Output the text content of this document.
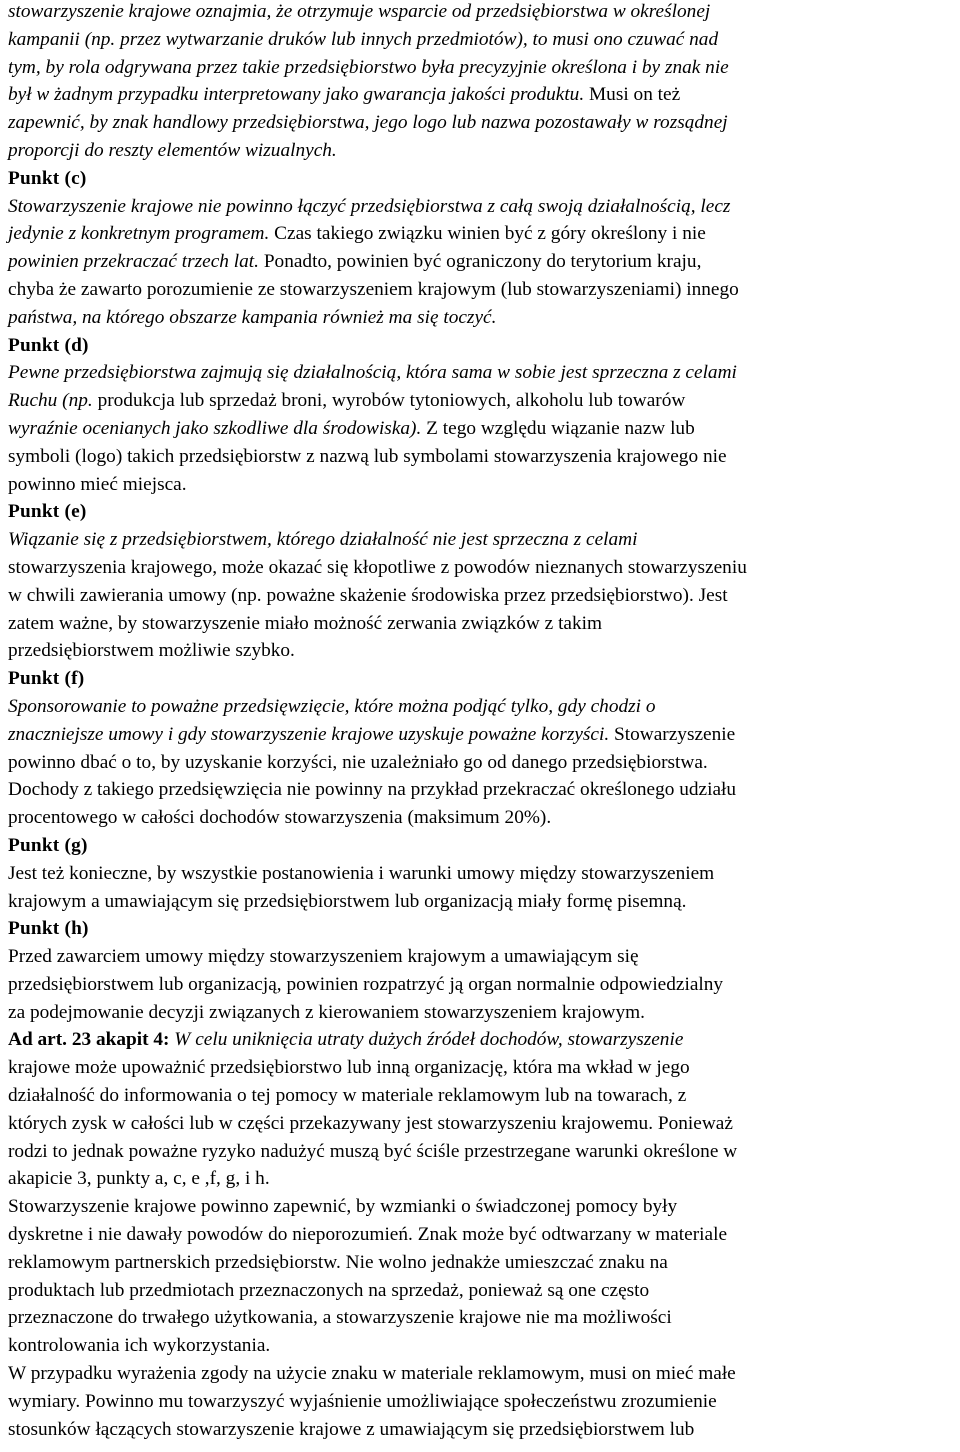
stowarzyszenie krajowe oznajmia, że otrzymuje wsparcie od przedsiębiorstwa w określonej
kampanii (np. przez wytwarzanie druków lub innych przedmiotów), to musi ono czuwać nad
tym, by rola odgrywana przez takie przedsiębiorstwo była precyzyjnie określona i by znak nie
był w żadnym przypadku interpretowany jako gwarancja jakości produktu. Musi on też
zapewnić, by znak handlowy przedsiębiorstwa, jego logo lub nazwa pozostawały w rozsądnej
proporcji do reszty elementów wizualnych.
Punkt (c)
Stowarzyszenie krajowe nie powinno łączyć przedsiębiorstwa z całą swoją działalnością, lecz
jedynie z konkretnym programem. Czas takiego związku winien być z góry określony i nie
powinien przekraczać trzech lat. Ponadto, powinien być ograniczony do terytorium kraju,
chyba że zawarto porozumienie ze stowarzyszeniem krajowym (lub stowarzyszeniami) innego
państwa, na którego obszarze kampania również ma się toczyć.
Punkt (d)
Pewne przedsiębiorstwa zajmują się działalnością, która sama w sobie jest sprzeczna z celami
Ruchu (np. produkcja lub sprzedaż broni, wyrobów tytoniowych, alkoholu lub towarów
wyraźnie ocenianych jako szkodliwe dla środowiska). Z tego względu wiązanie nazw lub
symboli (logo) takich przedsiębiorstw z nazwą lub symbolami stowarzyszenia krajowego nie
powinno mieć miejsca.
Punkt (e)
Wiązanie się z przedsiębiorstwem, którego działalność nie jest sprzeczna z celami
stowarzyszenia krajowego, może okazać się kłopotliwe z powodów nieznanych stowarzyszeniu
w chwili zawierania umowy (np. poważne skażenie środowiska przez przedsiębiorstwo). Jest
zatem ważne, by stowarzyszenie miało możność zerwania związków z takim
przedsiębiorstwem możliwie szybko.
Punkt (f)
Sponsorowanie to poważne przedsięwzięcie, które można podjąć tylko, gdy chodzi o
znaczniejsze umowy i gdy stowarzyszenie krajowe uzyskuje poważne korzyści. Stowarzyszenie
powinno dbać o to, by uzyskanie korzyści, nie uzależniało go od danego przedsiębiorstwa.
Dochody z takiego przedsięwzięcia nie powinny na przykład przekraczać określonego udziału
procentowego w całości dochodów stowarzyszenia (maksimum 20%).
Punkt (g)
Jest też konieczne, by wszystkie postanowienia i warunki umowy między stowarzyszeniem
krajowym a umawiającym się przedsiębiorstwem lub organizacją miały formę pisemną.
Punkt (h)
Przed zawarciem umowy między stowarzyszeniem krajowym a umawiającym się
przedsiębiorstwem lub organizacją, powinien rozpatrzyć ją organ normalnie odpowiedzialny
za podejmowanie decyzji związanych z kierowaniem stowarzyszeniem krajowym.
Ad art. 23 akapit 4: W celu uniknięcia utraty dużych źródeł dochodów, stowarzyszenie
krajowe może upoważnić przedsiębiorstwo lub inną organizację, która ma wkład w jego
działalność do informowania o tej pomocy w materiale reklamowym lub na towarach, z
których zysk w całości lub w części przekazywany jest stowarzyszeniu krajowemu. Ponieważ
rodzi to jednak poważne ryzyko nadużyć muszą być ściśle przestrzegane warunki określone w
akapicie 3, punkty a, c, e ,f, g, i h.
Stowarzyszenie krajowe powinno zapewnić, by wzmianki o świadczonej pomocy były
dyskretne i nie dawały powodów do nieporozumień. Znak może być odtwarzany w materiale
reklamowym partnerskich przedsiębiorstw. Nie wolno jednakże umieszczać znaku na
produktach lub przedmiotach przeznaczonych na sprzedaż, ponieważ są one często
przeznaczone do trwałego użytkowania, a stowarzyszenie krajowe nie ma możliwości
kontrolowania ich wykorzystania.
W przypadku wyrażenia zgody na użycie znaku w materiale reklamowym, musi on mieć małe
wymiary. Powinno mu towarzyszyć wyjaśnienie umożliwiające społeczeństwu zrozumienie
stosunków łączących stowarzyszenie krajowe z umawiającym się przedsiębiorstwem lub
